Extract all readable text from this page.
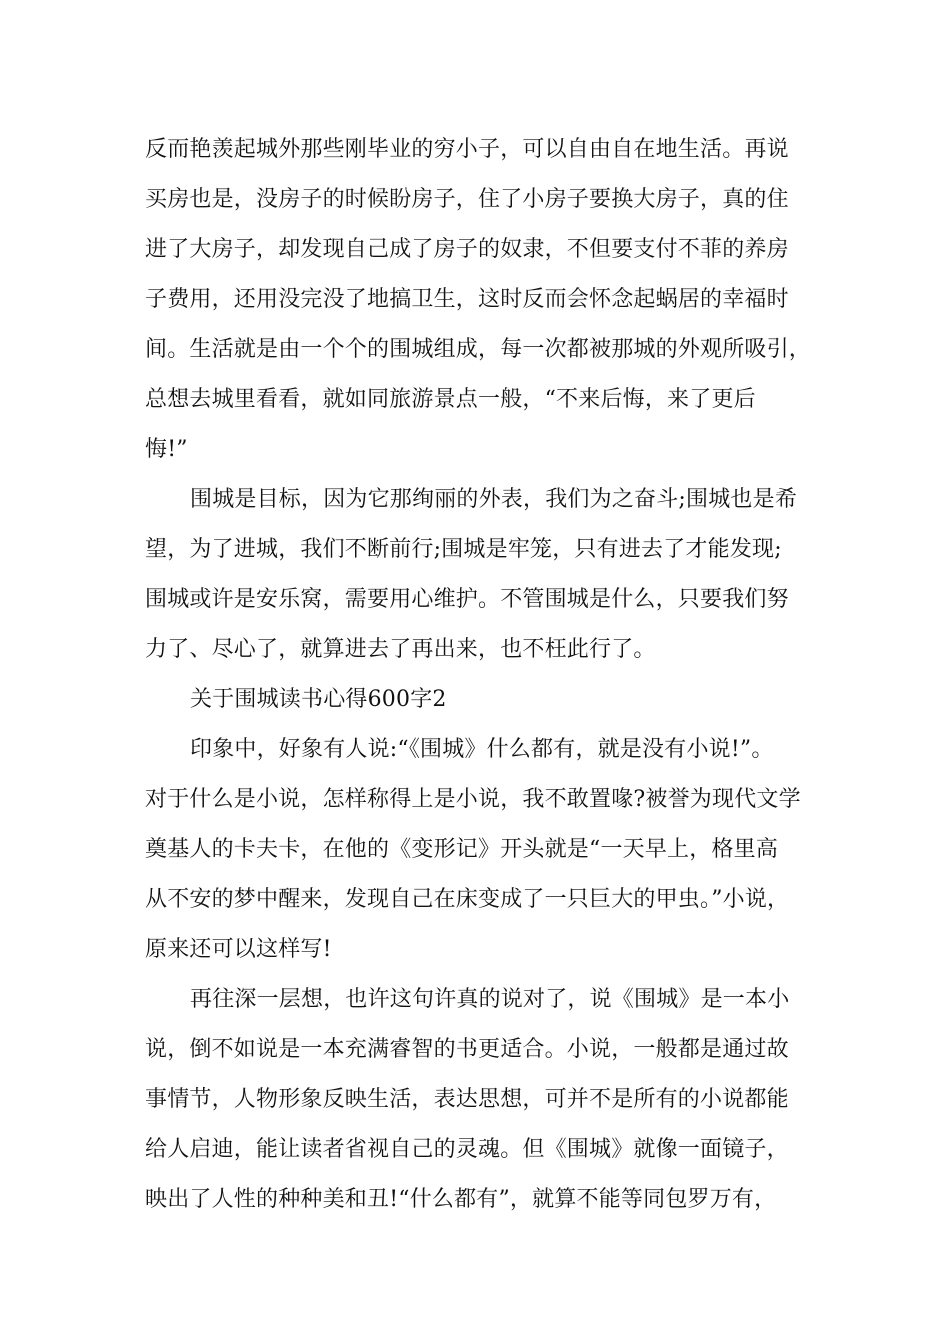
反而艳羡起城外那些刚毕业的穷小子，可以自由自在地生活。再说
买房也是，没房子的时候盼房子，住了小房子要换大房子，真的住
进了大房子，却发现自己成了房子的奴隶，不但要支付不菲的养房
子费用，还用没完没了地搞卫生，这时反而会怀念起蜗居的幸福时
间。生活就是由一个个的围城组成，每一次都被那城的外观所吸引，
总想去城里看看，就如同旅游景点一般，“不来后悔，来了更后
悔!”
围城是目标，因为它那绚丽的外表，我们为之奋斗;围城也是希
望，为了进城，我们不断前行;围城是牢笼，只有进去了才能发现;
围城或许是安乐窝，需要用心维护。不管围城是什么，只要我们努
力了、尽心了，就算进去了再出来，也不枉此行了。
关于围城读书心得600字2
印象中，好象有人说:“《围城》什么都有，就是没有小说!”。
对于什么是小说，怎样称得上是小说，我不敢置喙?被誉为现代文学
奠基人的卡夫卡，在他的《变形记》开头就是“一天早上，格里高
从不安的梦中醒来，发现自己在床变成了一只巨大的甲虫。”小说，
原来还可以这样写!
再往深一层想，也许这句许真的说对了，说《围城》是一本小
说，倒不如说是一本充满睿智的书更适合。小说，一般都是通过故
事情节，人物形象反映生活，表达思想，可并不是所有的小说都能
给人启迪，能让读者省视自己的灵魂。但《围城》就像一面镜子，
映出了人性的种种美和丑!“什么都有”，就算不能等同包罗万有，
